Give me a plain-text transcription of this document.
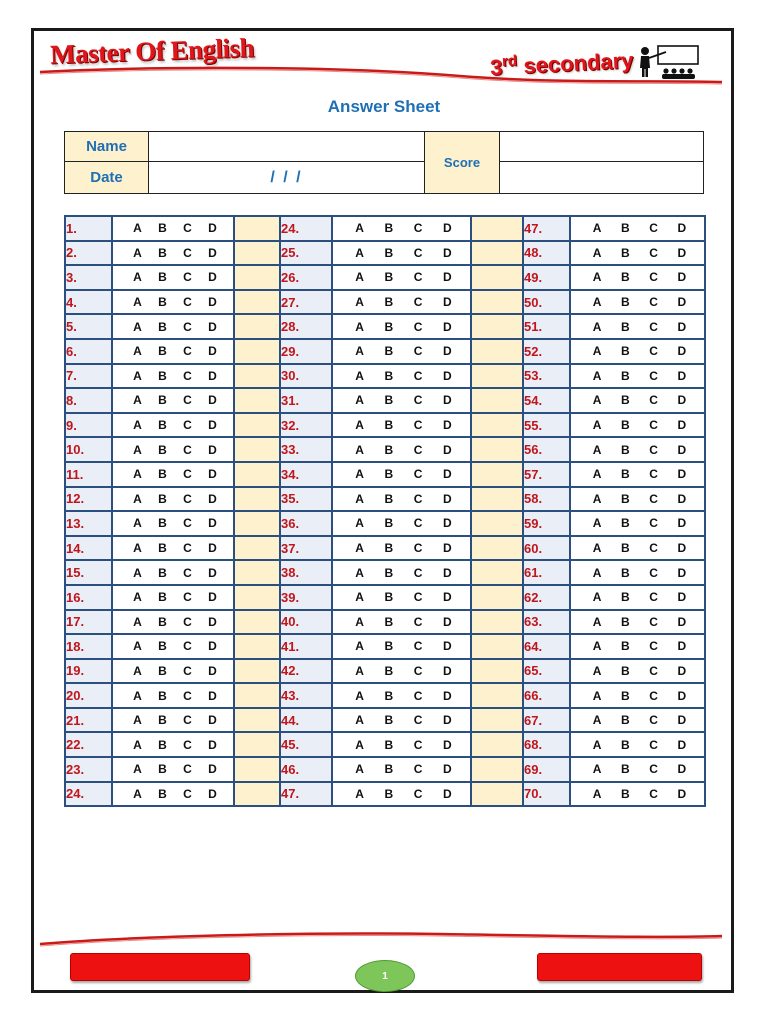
Master Of English	3rd secondary
Answer Sheet
Name		Score	
Date	/ / /		
1.	A B C D		24.	A B C D		47.	A B C D

2.	A B C D		25.	A B C D		48.	A B C D

3.	A B C D		26.	A B C D		49.	A B C D

4.	A B C D		27.	A B C D		50.	A B C D

5.	A B C D		28.	A B C D		51.	A B C D

6.	A B C D		29.	A B C D		52.	A B C D

7.	A B C D		30.	A B C D		53.	A B C D

8.	A B C D		31.	A B C D		54.	A B C D

9.	A B C D		32.	A B C D		55.	A B C D

10.	A B C D		33.	A B C D		56.	A B C D

11.	A B C D		34.	A B C D		57.	A B C D

12.	A B C D		35.	A B C D		58.	A B C D

13.	A B C D		36.	A B C D		59.	A B C D

14.	A B C D		37.	A B C D		60.	A B C D

15.	A B C D		38.	A B C D		61.	A B C D

16.	A B C D		39.	A B C D		62.	A B C D

17.	A B C D		40.	A B C D		63.	A B C D

18.	A B C D		41.	A B C D		64.	A B C D

19.	A B C D		42.	A B C D		65.	A B C D

20.	A B C D		43.	A B C D		66.	A B C D

21.	A B C D		44.	A B C D		67.	A B C D

22.	A B C D		45.	A B C D		68.	A B C D

23.	A B C D		46.	A B C D		69.	A B C D

24.	A B C D		47.	A B C D		70.	A B C D
1
